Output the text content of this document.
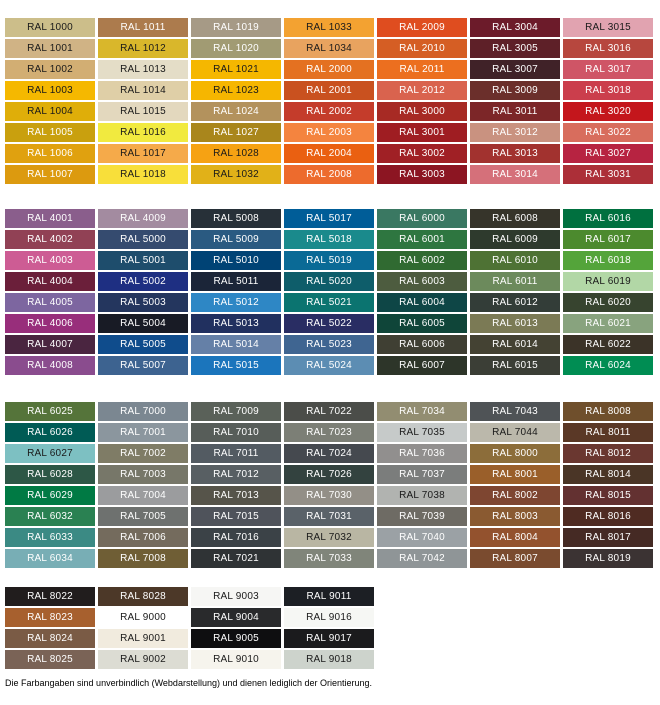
RAL 1000	RAL 1011	RAL 1019	RAL 1033	RAL 2009	RAL 3004	RAL 3015
RAL 1001	RAL 1012	RAL 1020	RAL 1034	RAL 2010	RAL 3005	RAL 3016
RAL 1002	RAL 1013	RAL 1021	RAL 2000	RAL 2011	RAL 3007	RAL 3017
RAL 1003	RAL 1014	RAL 1023	RAL 2001	RAL 2012	RAL 3009	RAL 3018
RAL 1004	RAL 1015	RAL 1024	RAL 2002	RAL 3000	RAL 3011	RAL 3020
RAL 1005	RAL 1016	RAL 1027	RAL 2003	RAL 3001	RAL 3012	RAL 3022
RAL 1006	RAL 1017	RAL 1028	RAL 2004	RAL 3002	RAL 3013	RAL 3027
RAL 1007	RAL 1018	RAL 1032	RAL 2008	RAL 3003	RAL 3014	RAL 3031
RAL 4001	RAL 4009	RAL 5008	RAL 5017	RAL 6000	RAL 6008	RAL 6016
RAL 4002	RAL 5000	RAL 5009	RAL 5018	RAL 6001	RAL 6009	RAL 6017
RAL 4003	RAL 5001	RAL 5010	RAL 5019	RAL 6002	RAL 6010	RAL 6018
RAL 4004	RAL 5002	RAL 5011	RAL 5020	RAL 6003	RAL 6011	RAL 6019
RAL 4005	RAL 5003	RAL 5012	RAL 5021	RAL 6004	RAL 6012	RAL 6020
RAL 4006	RAL 5004	RAL 5013	RAL 5022	RAL 6005	RAL 6013	RAL 6021
RAL 4007	RAL 5005	RAL 5014	RAL 5023	RAL 6006	RAL 6014	RAL 6022
RAL 4008	RAL 5007	RAL 5015	RAL 5024	RAL 6007	RAL 6015	RAL 6024
RAL 6025	RAL 7000	RAL 7009	RAL 7022	RAL 7034	RAL 7043	RAL 8008
RAL 6026	RAL 7001	RAL 7010	RAL 7023	RAL 7035	RAL 7044	RAL 8011
RAL 6027	RAL 7002	RAL 7011	RAL 7024	RAL 7036	RAL 8000	RAL 8012
RAL 6028	RAL 7003	RAL 7012	RAL 7026	RAL 7037	RAL 8001	RAL 8014
RAL 6029	RAL 7004	RAL 7013	RAL 7030	RAL 7038	RAL 8002	RAL 8015
RAL 6032	RAL 7005	RAL 7015	RAL 7031	RAL 7039	RAL 8003	RAL 8016
RAL 6033	RAL 7006	RAL 7016	RAL 7032	RAL 7040	RAL 8004	RAL 8017
RAL 6034	RAL 7008	RAL 7021	RAL 7033	RAL 7042	RAL 8007	RAL 8019
RAL 8022	RAL 8028	RAL 9003	RAL 9011
RAL 8023	RAL 9000	RAL 9004	RAL 9016
RAL 8024	RAL 9001	RAL 9005	RAL 9017
RAL 8025	RAL 9002	RAL 9010	RAL 9018
Die Farbangaben sind unverbindlich (Webdarstellung) und dienen lediglich der Orientierung.
